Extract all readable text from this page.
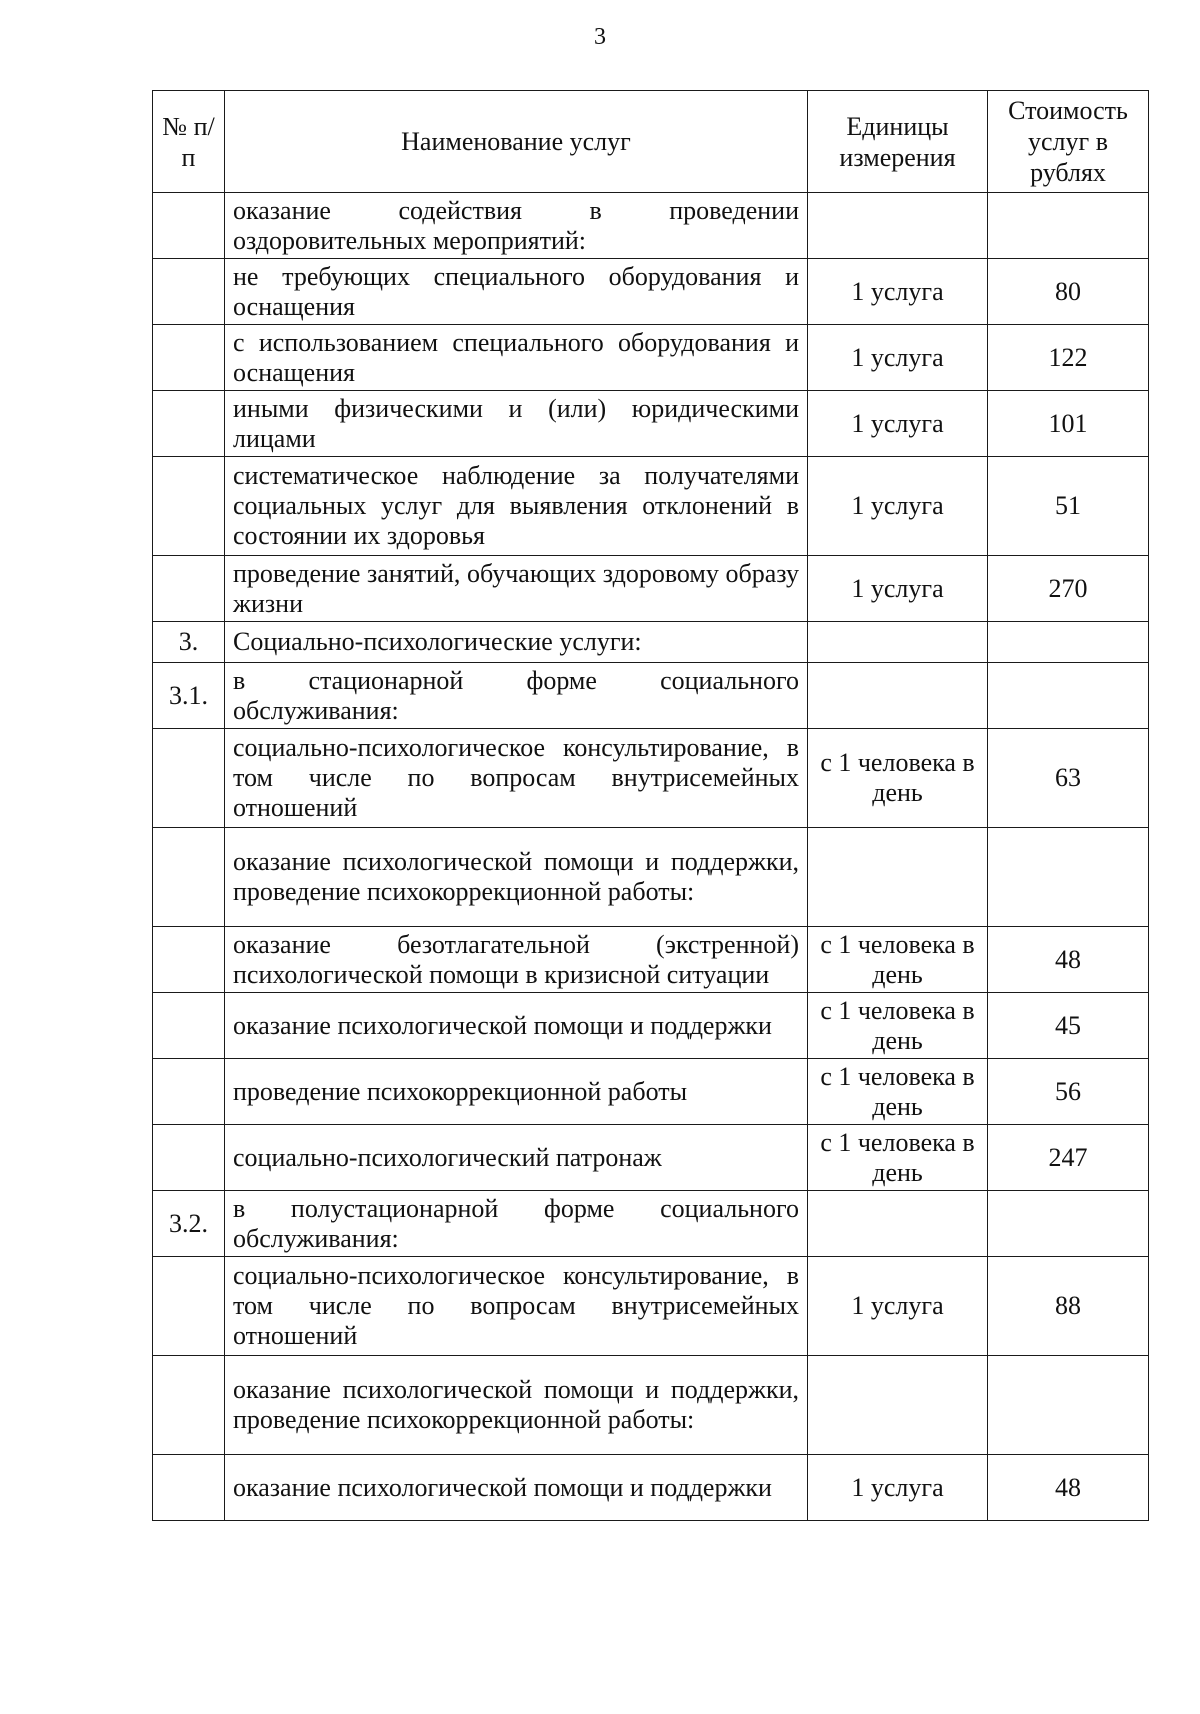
3
№ п/п	Наименование услуг	Единицы измерения	Стоимость услуг в рублях
	оказание содействия в проведении оздоровительных мероприятий:		
	не требующих специального оборудования и оснащения	1 услуга	80
	с использованием специального оборудования и оснащения	1 услуга	122
	иными физическими и (или) юридическими лицами	1 услуга	101
	систематическое наблюдение за получателями социальных услуг для выявления отклонений в состоянии их здоровья	1 услуга	51
	проведение занятий, обучающих здоровому образу жизни	1 услуга	270
3.	Социально-психологические услуги:		
3.1.	в стационарной форме социального обслуживания:		
	социально-психологическое консультирование, в том числе по вопросам внутрисемейных отношений	с 1 человека в день	63
	оказание психологической помощи и поддержки, проведение психокоррекционной работы:		
	оказание безотлагательной (экстренной) психологической помощи в кризисной ситуации	с 1 человека в день	48
	оказание психологической помощи и поддержки	с 1 человека в день	45
	проведение психокоррекционной работы	с 1 человека в день	56
	социально-психологический патронаж	с 1 человека в день	247
3.2.	в полустационарной форме социального обслуживания:		
	социально-психологическое консультирование, в том числе по вопросам внутрисемейных отношений	1 услуга	88
	оказание психологической помощи и поддержки, проведение психокоррекционной работы:		
	оказание психологической помощи и поддержки	1 услуга	48
